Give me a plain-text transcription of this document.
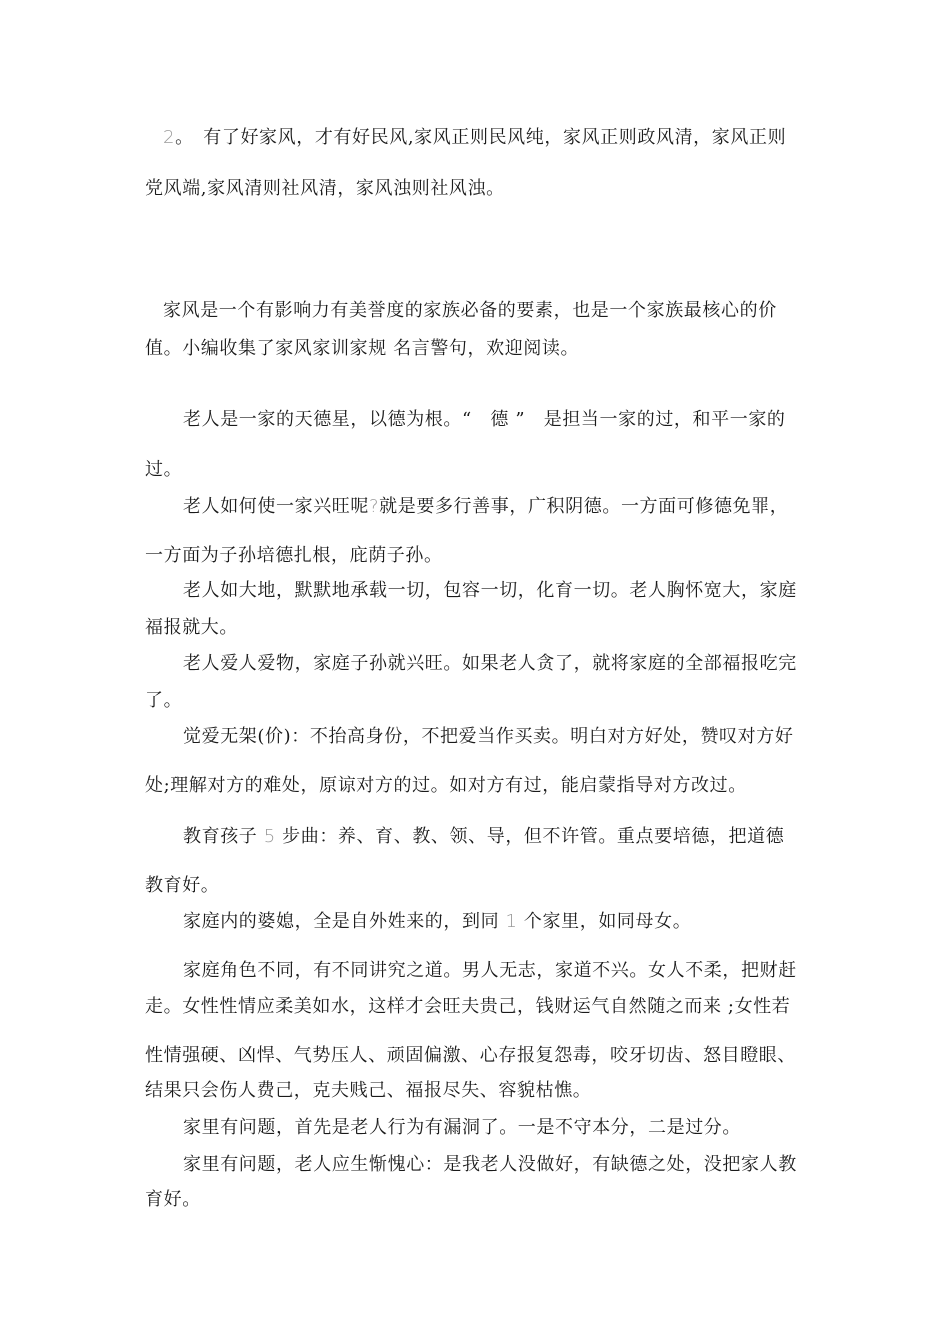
2。　有了好家风，才有好民风,家风正则民风纯，家风正则政风清，家风正则
党风端,家风清则社风清，家风浊则社风浊。
家风是一个有影响力有美誉度的家族必备的要素，也是一个家族最核心的价
值。小编收集了家风家训家规 名言警句，欢迎阅读。
老人是一家的天德星，以德为根。“　德 ”　是担当一家的过，和平一家的
过。
老人如何使一家兴旺呢?就是要多行善事，广积阴德。一方面可修德免罪，
一方面为子孙培德扎根，庇荫子孙。
老人如大地，默默地承载一切，包容一切，化育一切。老人胸怀宽大，家庭
福报就大。
老人爱人爱物，家庭子孙就兴旺。如果老人贪了，就将家庭的全部福报吃完
了。
觉爱无架(价)：不抬高身份，不把爱当作买卖。明白对方好处，赞叹对方好
处;理解对方的难处，原谅对方的过。如对方有过，能启蒙指导对方改过。
教育孩子 5 步曲：养、育、教、领、导，但不许管。重点要培德，把道德
教育好。
家庭内的婆媳，全是自外姓来的，到同 1 个家里，如同母女。
家庭角色不同，有不同讲究之道。男人无志，家道不兴。女人不柔，把财赶
走。女性性情应柔美如水，这样才会旺夫贵己，钱财运气自然随之而来 ;女性若
性情强硬、凶悍、气势压人、顽固偏激、心存报复怨毒，咬牙切齿、怒目瞪眼、
结果只会伤人费己，克夫贱己、福报尽失、容貌枯憔。
家里有问题，首先是老人行为有漏洞了。一是不守本分，二是过分。
家里有问题，老人应生惭愧心：是我老人没做好，有缺德之处，没把家人教
育好。
